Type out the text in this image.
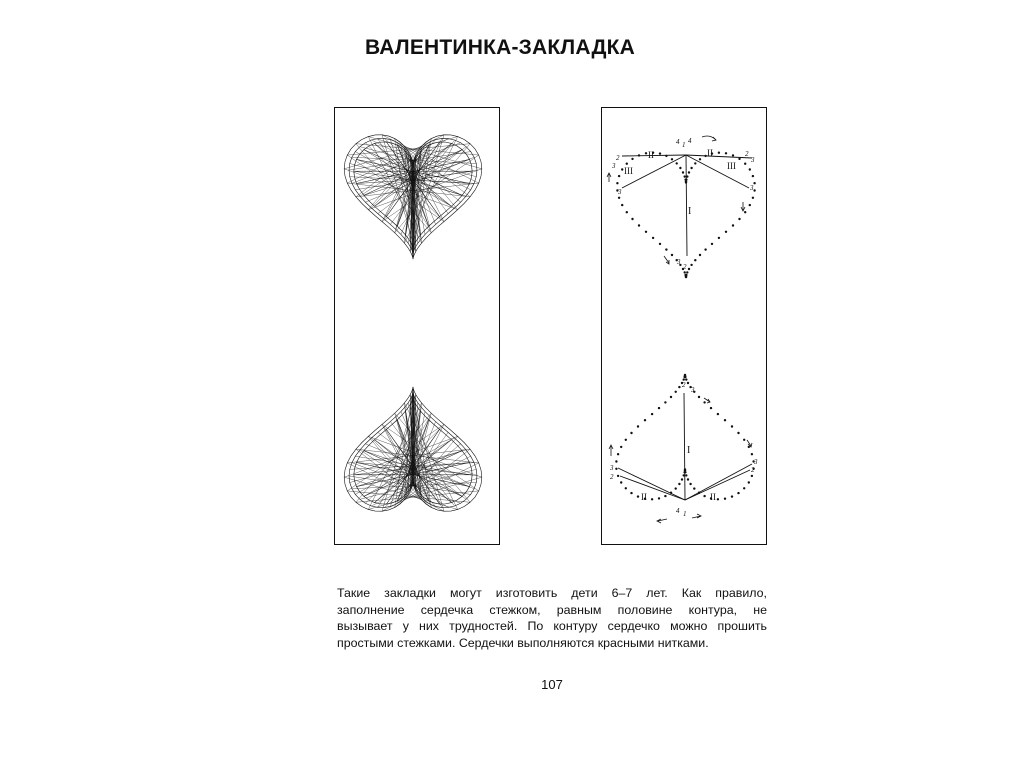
ВАЛЕНТИНКА-ЗАКЛАДКА
I
II	II
III	III
4 1 4
2
3
3
2
3
3
3
2
I
II	II
2
3
3
2
3
2
4 1

Такие закладки могут изготовить дети 6–7 лет. Как правило,

заполнение сердечка стежком, равным половине контура, не

вызывает у них трудностей. По контуру сердечко можно прошить

простыми стежками. Сердечки выполняются красными нитками.

107
